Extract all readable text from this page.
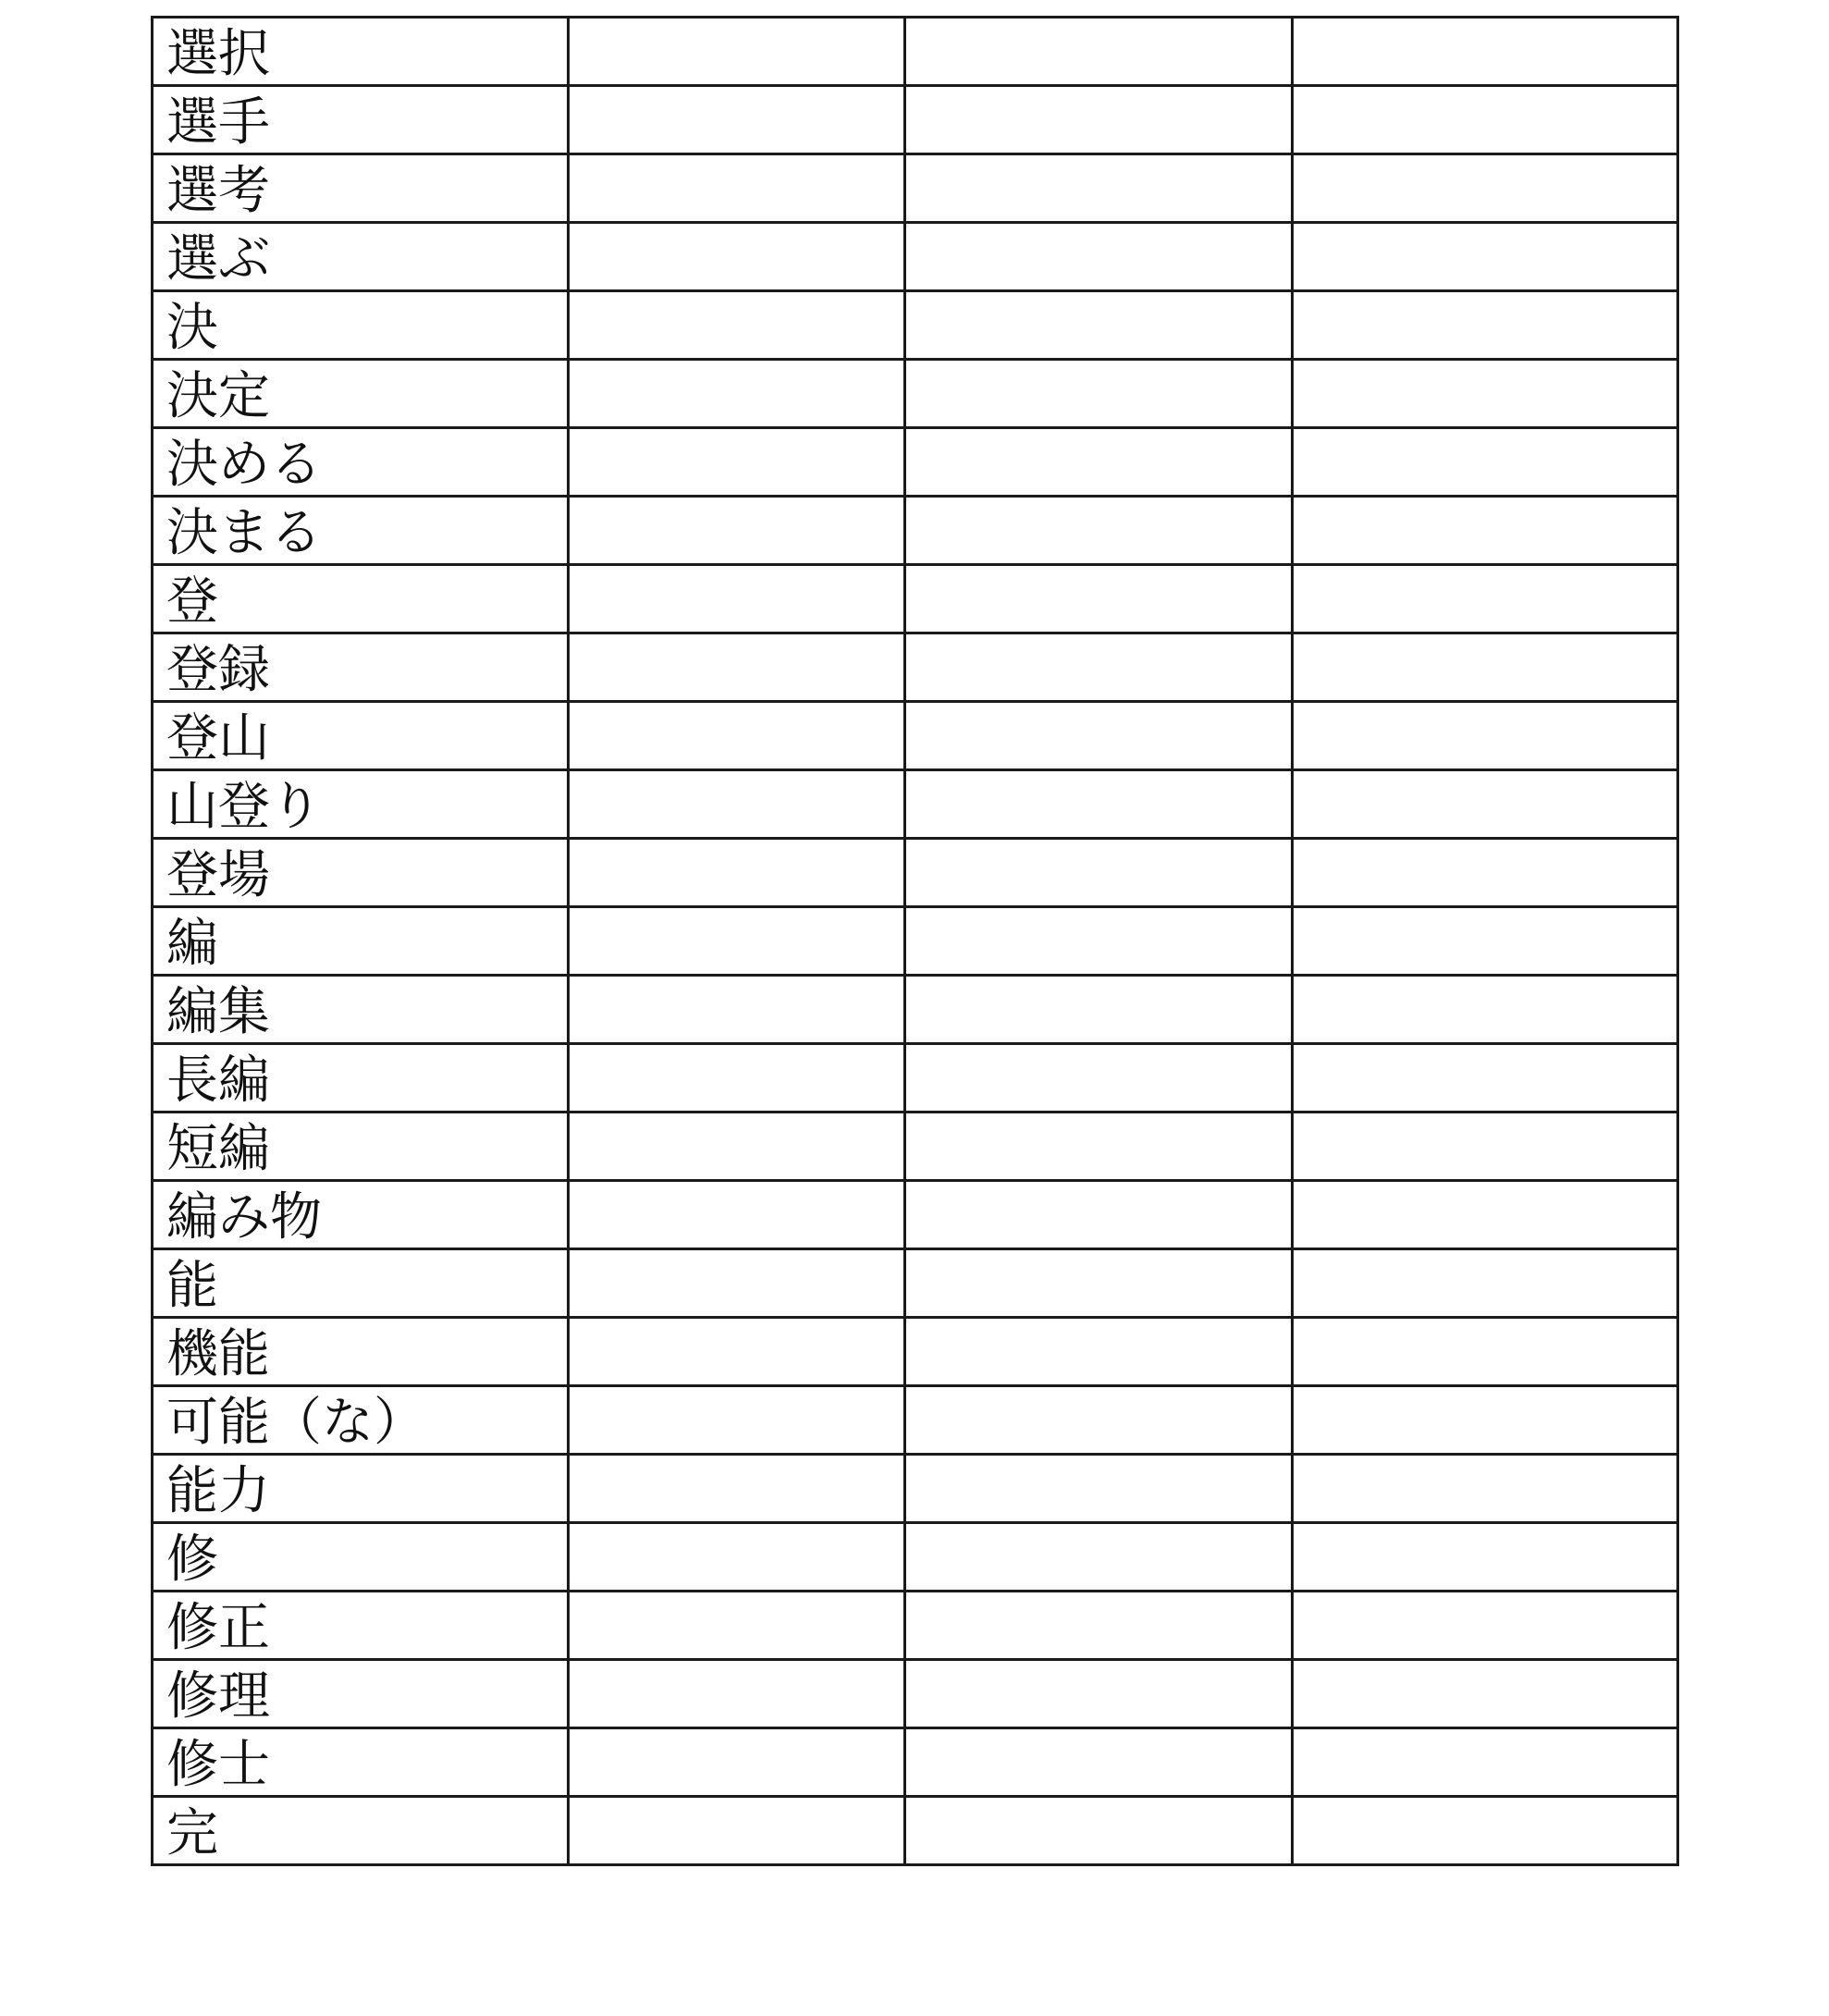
選択			
選手			
選考			
選ぶ			
決			
決定			
決める			
決まる			
登			
登録			
登山			
山登り			
登場			
編			
編集			
長編			
短編			
編み物			
能			
機能			
可能（な）			
能力			
修			
修正			
修理			
修士			
完			
